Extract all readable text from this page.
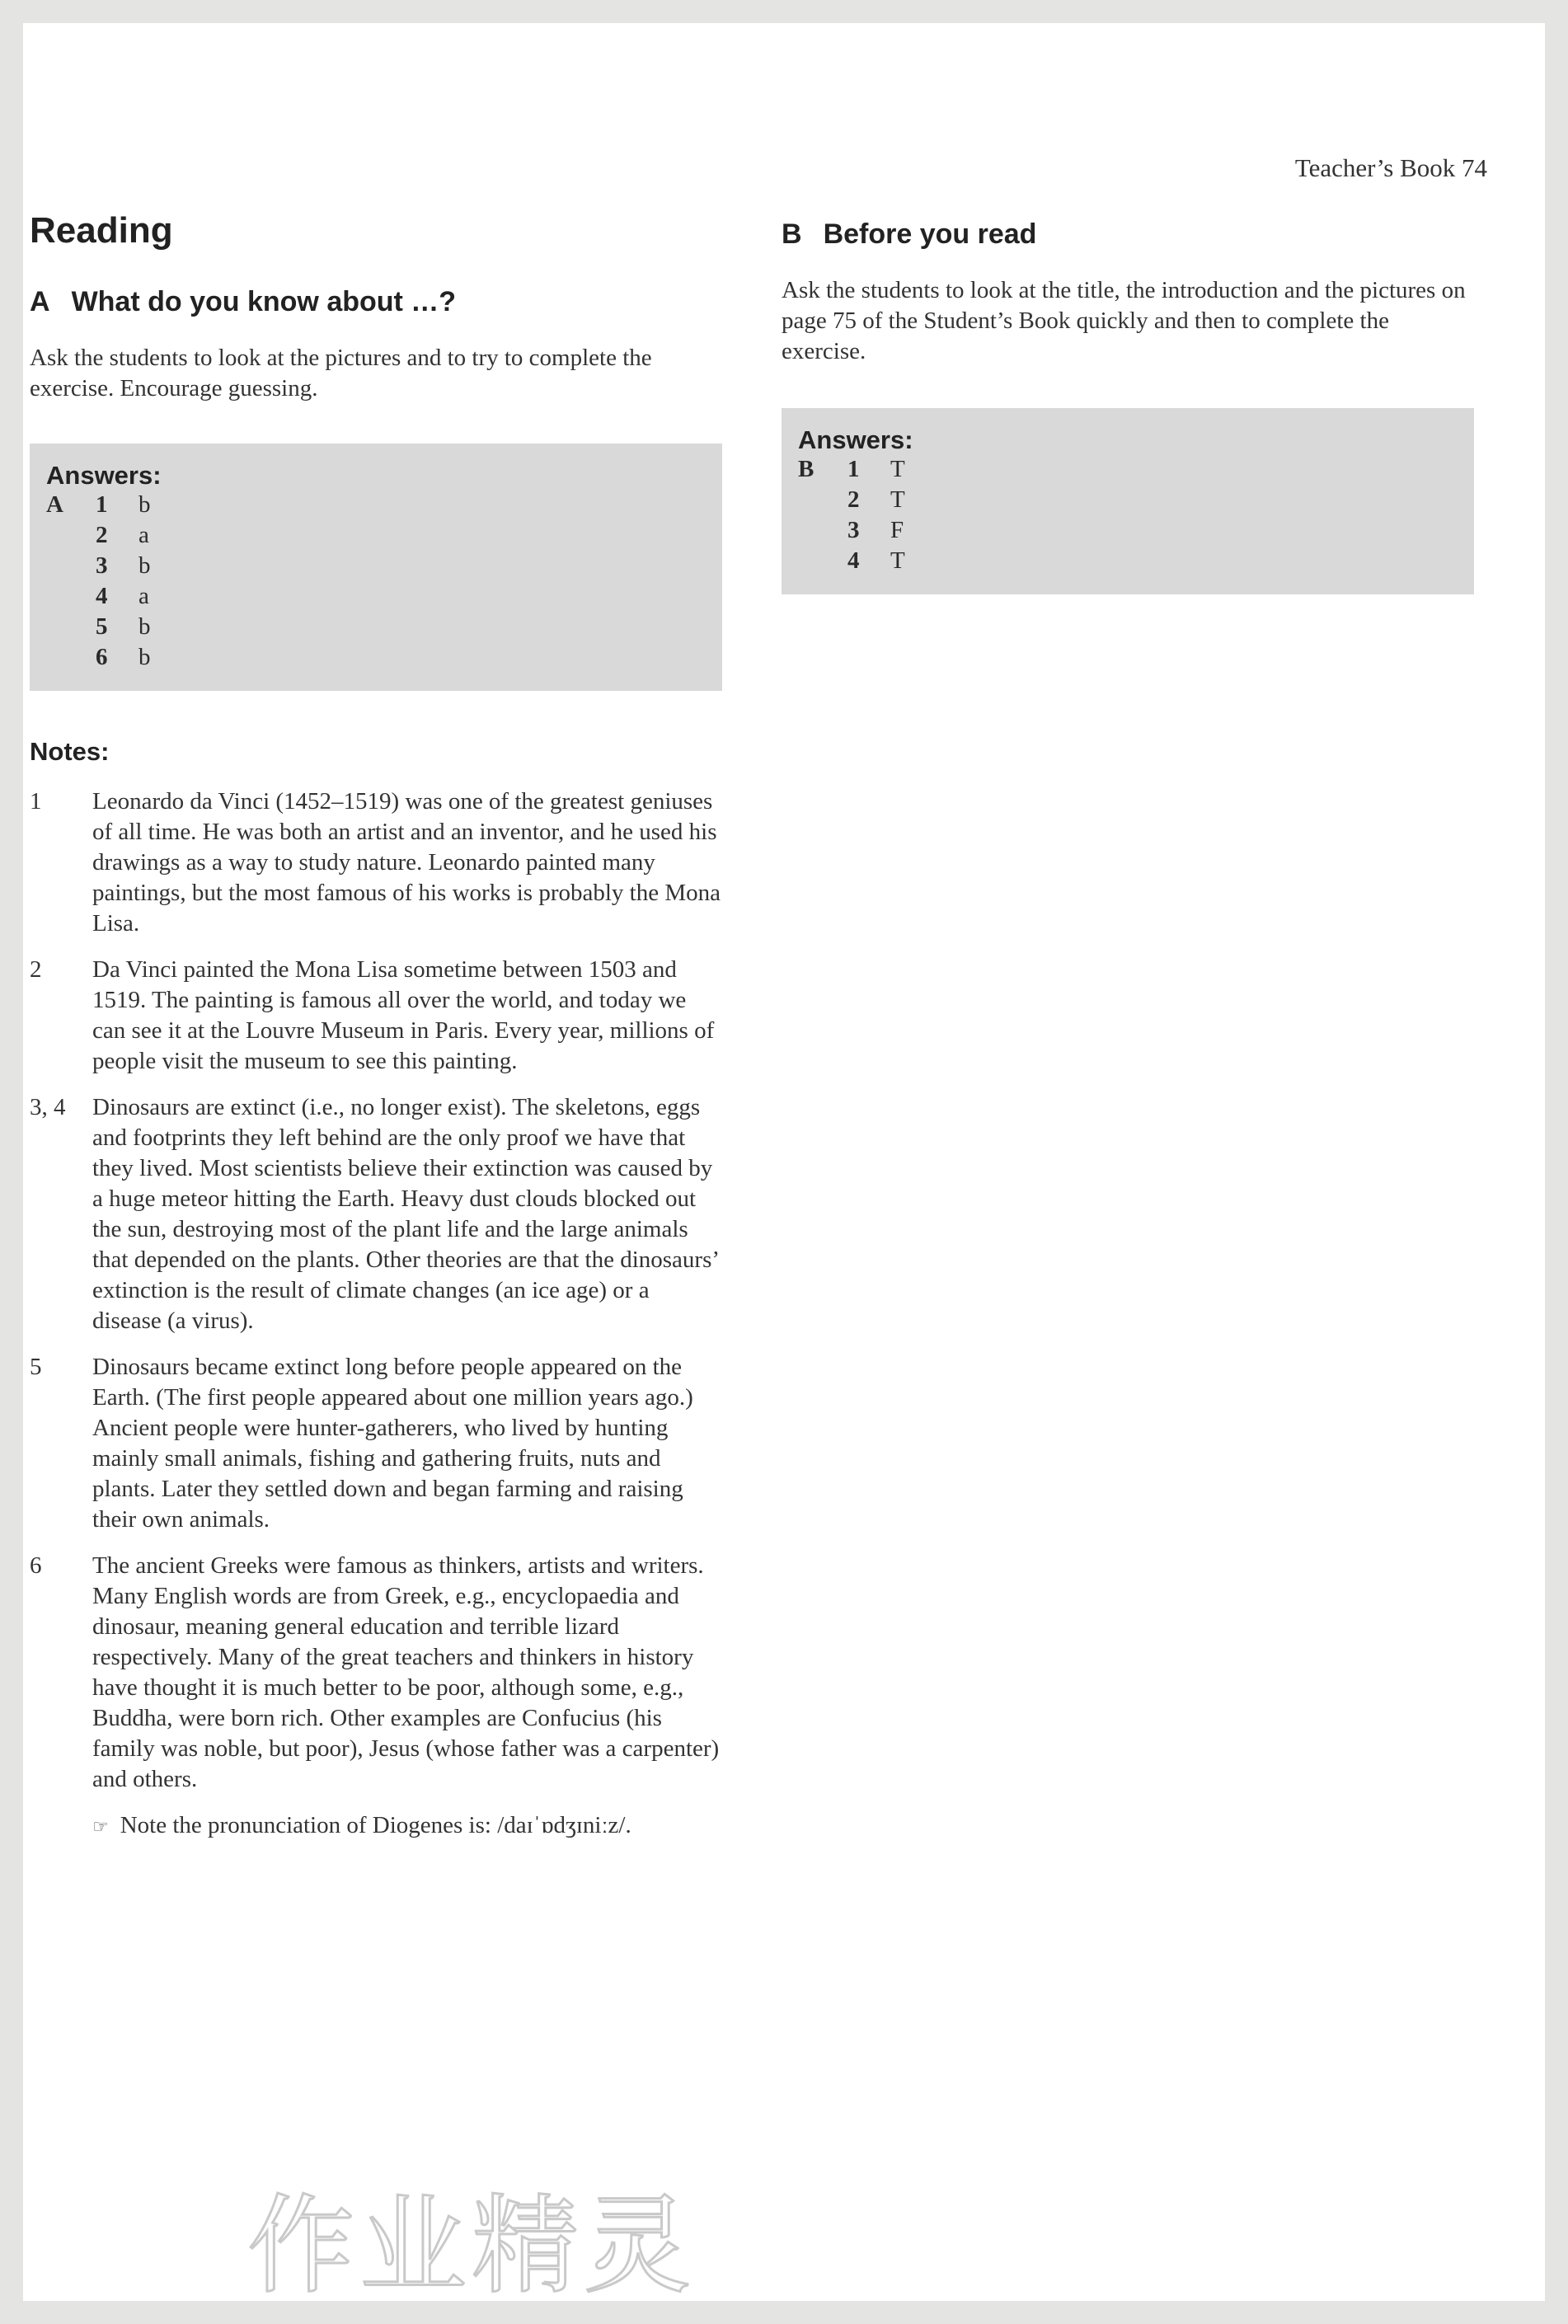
Teacher’s Book 74
Reading
A What do you know about …?

Ask the students to look at the pictures and to try to complete the exercise. Encourage guessing.

Answers:
A	1	b
	2	a
	3	b
	4	a
	5	b
	6	b
Notes:
1	Leonardo da Vinci (1452–1519) was one of the greatest geniuses of all time. He was both an artist and an inventor, and he used his drawings as a way to study nature. Leonardo painted many paintings, but the most famous of his works is probably the Mona Lisa.
2	Da Vinci painted the Mona Lisa sometime between 1503 and 1519. The painting is famous all over the world, and today we can see it at the Louvre Museum in Paris. Every year, millions of people visit the museum to see this painting.
3, 4	Dinosaurs are extinct (i.e., no longer exist). The skeletons, eggs and footprints they left behind are the only proof we have that they lived. Most scientists believe their extinction was caused by a huge meteor hitting the Earth. Heavy dust clouds blocked out the sun, destroying most of the plant life and the large animals that depended on the plants. Other theories are that the dinosaurs’ extinction is the result of climate changes (an ice age) or a disease (a virus).
5	Dinosaurs became extinct long before people appeared on the Earth. (The first people appeared about one million years ago.) Ancient people were hunter-gatherers, who lived by hunting mainly small animals, fishing and gathering fruits, nuts and plants. Later they settled down and began farming and raising their own animals.
6	The ancient Greeks were famous as thinkers, artists and writers. Many English words are from Greek, e.g., encyclopaedia and dinosaur, meaning general education and terrible lizard respectively. Many of the great teachers and thinkers in history have thought it is much better to be poor, although some, e.g., Buddha, were born rich. Other examples are Confucius (his family was noble, but poor), Jesus (whose father was a carpenter) and others.
☞ Note the pronunciation of Diogenes is: /daɪˈɒdʒɪniːz/.
B Before you read

Ask the students to look at the title, the introduction and the pictures on page 75 of the Student’s Book quickly and then to complete the exercise.

Answers:
B	1	T
	2	T
	3	F
	4	T
作业精灵
